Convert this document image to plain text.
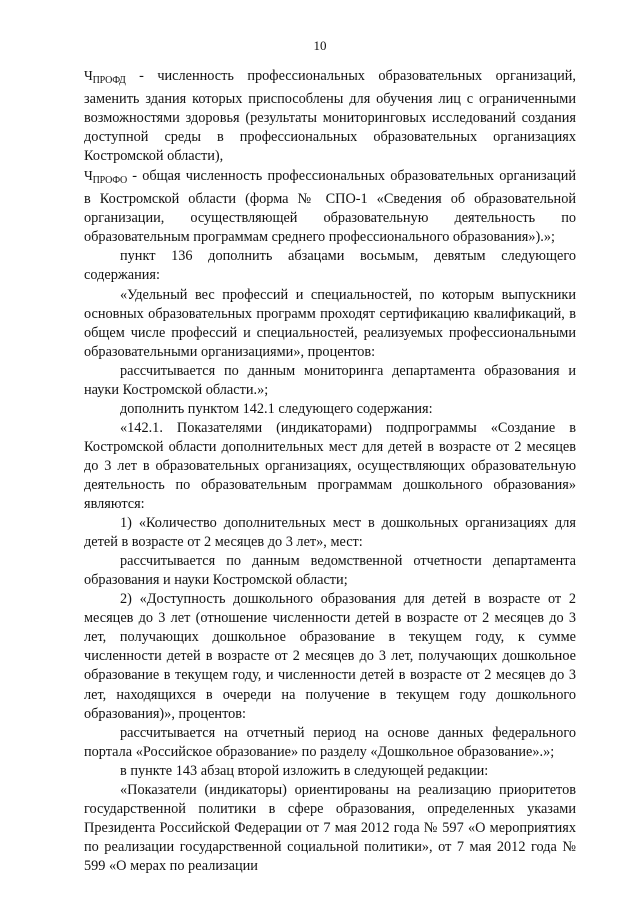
10

$Ч_{ПРОФД}$ - численность профессиональных образовательных организаций, заменить здания которых приспособлены для обучения лиц с ограниченными возможностями здоровья (результаты мониторинговых исследований создания доступной среды в профессиональных образовательных организациях Костромской области),

$Ч_{ПРОФО}$ - общая численность профессиональных образовательных организаций в Костромской области (форма № СПО-1 «Сведения об образовательной организации, осуществляющей образовательную деятельность по образовательным программам среднего профессионального образования»).»;

пункт 136 дополнить абзацами восьмым, девятым следующего содержания:

«Удельный вес профессий и специальностей, по которым выпускники основных образовательных программ проходят сертификацию квалификаций, в общем числе профессий и специальностей, реализуемых профессиональными образовательными организациями», процентов:

рассчитывается по данным мониторинга департамента образования и науки Костромской области.»;

дополнить пунктом 142.1 следующего содержания:

«142.1. Показателями (индикаторами) подпрограммы «Создание в Костромской области дополнительных мест для детей в возрасте от 2 месяцев до 3 лет в образовательных организациях, осуществляющих образовательную деятельность по образовательным программам дошкольного образования» являются:

1) «Количество дополнительных мест в дошкольных организациях для детей в возрасте от 2 месяцев до 3 лет», мест:

рассчитывается по данным ведомственной отчетности департамента образования и науки Костромской области;

2) «Доступность дошкольного образования для детей в возрасте от 2 месяцев до 3 лет (отношение численности детей в возрасте от 2 месяцев до 3 лет, получающих дошкольное образование в текущем году, к сумме численности детей в возрасте от 2 месяцев до 3 лет, получающих дошкольное образование в текущем году, и численности детей в возрасте от 2 месяцев до 3 лет, находящихся в очереди на получение в текущем году дошкольного образования)», процентов:

рассчитывается на отчетный период на основе данных федерального портала «Российское образование» по разделу «Дошкольное образование».»;

в пункте 143 абзац второй изложить в следующей редакции:

«Показатели (индикаторы) ориентированы на реализацию приоритетов государственной политики в сфере образования, определенных указами Президента Российской Федерации от 7 мая 2012 года № 597 «О мероприятиях по реализации государственной социальной политики», от 7 мая 2012 года № 599 «О мерах по реализации
